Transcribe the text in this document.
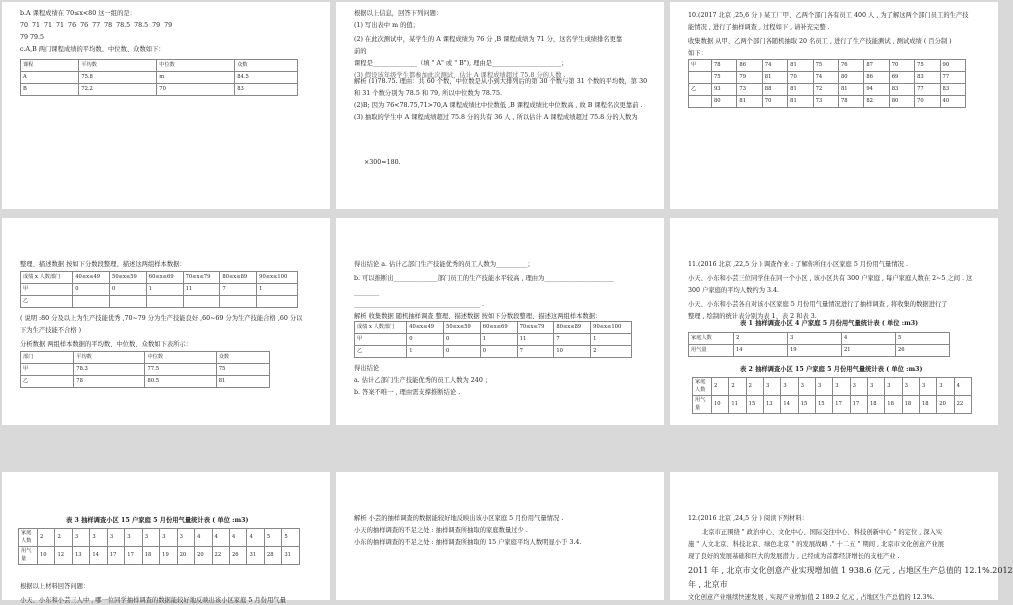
b.A 课程成绩在 70≤x<80 这一组的是：
70 71 71 71 76 76 77 78 78.5 78.5 79 79
79 79.5
c.A,B 两门课程成绩的平均数、中位数、众数如下：
课程	平均数	中位数	众数
A	75.8	m	84.5
B	72.2	70	83
根据以上信息，回答下列问题：
(1) 写出表中 m 的值；
(2) 在此次测试中，某学生的 A 课程成绩为 76 分 ,B 课程成绩为 71 分，这名学生成绩排名更靠
前的
课程是______________（填 " A" 或 " B"), 理由是______________________；
(3) 假设该年级学生都参加此次测试，估计 A 课程成绩超过 75.8 分的人数 .
解析 (1)78.75. 理由：共 60 个数，中位数是从小到大排列后的第 30 个数与第 31 个数的平均数，第 30
和 31 个数分别为 78.5 和 79, 所以中位数为 78.75.
(2)B; 因为 76<78.75,71>70,A 课程成绩比中位数低 ,B 课程成绩比中位数高 , 故 B 课程名次更靠前 .
(3) 抽取的学生中 A 课程成绩超过 75.8 分的共有 36 人 , 所以估计 A 课程成绩超过 75.8 分的人数为
×300=180.
10.(2017 北京 ,25,6 分 ) 某工厂甲、乙两个部门各有员工 400 人 , 为了解这两个部门员工的生产技
能情况 , 进行了抽样调查 , 过程如下 , 请补充完整 .
收集数据 从甲、乙两个部门各随机抽取 20 名员工 , 进行了生产技能测试 , 测试成绩 ( 百分制 )
如下：
甲	78	86	74	81	75	76	87	70	75	90
	75	79	81	70	74	80	86	69	83	77
乙	93	73	88	81	72	81	94	83	77	83
	80	81	70	81	73	78	82	80	70	40
整理、描述数据 按如下分数段整理、描述这两组样本数据：
成绩 x 人数部门	40≤x≤49	50≤x≤59	60≤x≤69	70≤x≤79	80≤x≤89	90≤x≤100
甲	0	0	1	11	7	1
乙						
( 说明 :80 分及以上为生产技能优秀 ,70~79 分为生产技能良好 ,60~69 分为生产技能合格 ,60 分以
下为生产技能不合格 )
分析数据 两组样本数据的平均数、中位数、众数如下表所示：
部门	平均数	中位数	众数
甲	78.3	77.5	75
乙	78	80.5	81
得出结论 a. 估计乙部门生产技能优秀的员工人数为__________；
b. 可以推断出______________部门员工的生产技能水平较高 , 理由为______________________
________
________________________________________ .
解析 收集数据 随机抽样调查 整理、描述数据 按如下分数段整理、描述这两组样本数据：
成绩 x 人数部门	40≤x≤49	50≤x≤59	60≤x≤69	70≤x≤79	80≤x≤89	90≤x≤100
甲	0	0	1	11	7	1
乙	1	0	0	7	10	2
得出结论
a. 估计乙部门生产技能优秀的员工人数为 240 ；
b. 答案不唯一 , 理由需支撑推断结论 .
11.(2016 北京 ,22,5 分 ) 调查作业 : 了解你所住小区家庭 5 月份用气量情况 .
小天、小东和小芸三位同学住在同一个小区 , 该小区共有 300 户家庭 , 每户家庭人数在 2~5 之间 . 这
300 户家庭的平均人数约为 3.4.
小天、小东和小芸各自对该小区家庭 5 月份用气量情况进行了抽样调查 , 将收集的数据进行了
整理 , 绘制的统计表分别为表 1、表 2 和表 3.
表 1 抽样调查小区 4 户家庭 5 月份用气量统计表 ( 单位 :m3)
家庭人数	2	3	4	5
用气量	14	19	21	26
表 2 抽样调查小区 15 户家庭 5 月份用气量统计表 ( 单位 :m3)
家庭人数	2	2	2	3	3	3	3	3	3	3	3	3	3	3	4
用气量	10	11	15	13	14	15	15	17	17	18	18	18	18	20	22
表 3 抽样调查小区 15 户家庭 5 月份用气量统计表 ( 单位 :m3)
家庭人数	2	2	3	3	3	3	3	3	3	4	4	4	4	5	5
用气量	10	12	13	14	17	17	18	19	20	20	22	26	31	28	31
根据以上材料回答问题：
小天、小东和小芸三人中 , 哪一位同学抽样调查的数据能较好地反映出该小区家庭 5 月份用气量
解析 小芸的抽样调查的数据能较好地反映出该小区家庭 5 月份用气量情况 .
小天的抽样调查的不足之处 : 抽样调查所抽取的家庭数量过少 .
小东的抽样调查的不足之处 : 抽样调查所抽取的 15 户家庭平均人数明显小于 3.4.
12.(2016 北京 ,24,5 分 ) 阅读下列材料：
北京市正围绕 " 政治中心、文化中心、国际交往中心、科技创新中心 " 的定位 , 深入实
施 " 人文北京、科技北京、绿色北京 " 的发展战略 ." 十二五 " 期间 , 北京市文化创意产业展
现了良好的发展基础和巨大的发展潜力 , 已经成为首都经济增长的支柱产业 .
2011 年 , 北京市文化创意产业实现增加值 1 938.6 亿元 , 占地区生产总值的 12.1%.2012
年 , 北京市
文化创意产业继续快速发展 , 实现产业增加值 2 189.2 亿元 , 占地区生产总值的 12.3%.
